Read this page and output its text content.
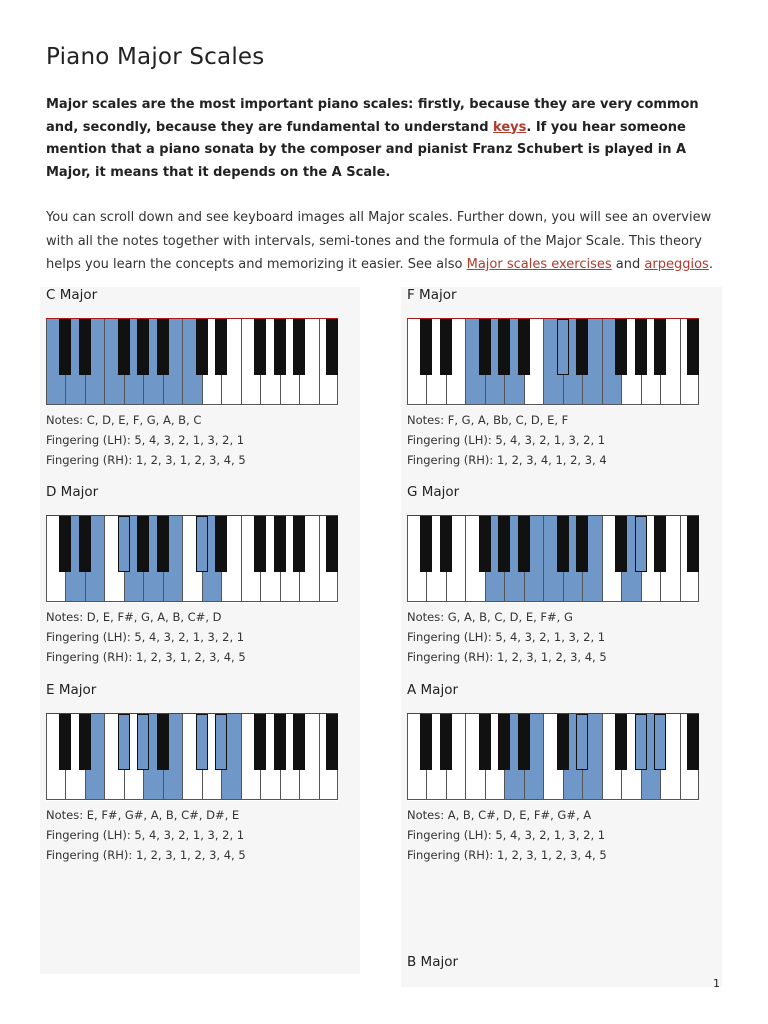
Piano Major Scales

Major scales are the most important piano scales: firstly, because they are very common and, secondly, because they are fundamental to understand keys. If you hear someone mention that a piano sonata by the composer and pianist Franz Schubert is played in A Major, it means that it depends on the A Scale.

You can scroll down and see keyboard images all Major scales. Further down, you will see an overview with all the notes together with intervals, semi-tones and the formula of the Major Scale. This theory helps you learn the concepts and memorizing it easier. See also Major scales exercises and arpeggios.

C Major
Notes: C, D, E, F, G, A, B, C
Fingering (LH): 5, 4, 3, 2, 1, 3, 2, 1
Fingering (RH): 1, 2, 3, 1, 2, 3, 4, 5
F Major
Notes: F, G, A, Bb, C, D, E, F
Fingering (LH): 5, 4, 3, 2, 1, 3, 2, 1
Fingering (RH): 1, 2, 3, 4, 1, 2, 3, 4
D Major
Notes: D, E, F#, G, A, B, C#, D
Fingering (LH): 5, 4, 3, 2, 1, 3, 2, 1
Fingering (RH): 1, 2, 3, 1, 2, 3, 4, 5
G Major
Notes: G, A, B, C, D, E, F#, G
Fingering (LH): 5, 4, 3, 2, 1, 3, 2, 1
Fingering (RH): 1, 2, 3, 1, 2, 3, 4, 5
E Major
Notes: E, F#, G#, A, B, C#, D#, E
Fingering (LH): 5, 4, 3, 2, 1, 3, 2, 1
Fingering (RH): 1, 2, 3, 1, 2, 3, 4, 5
A Major
Notes: A, B, C#, D, E, F#, G#, A
Fingering (LH): 5, 4, 3, 2, 1, 3, 2, 1
Fingering (RH): 1, 2, 3, 1, 2, 3, 4, 5
B Major
1
